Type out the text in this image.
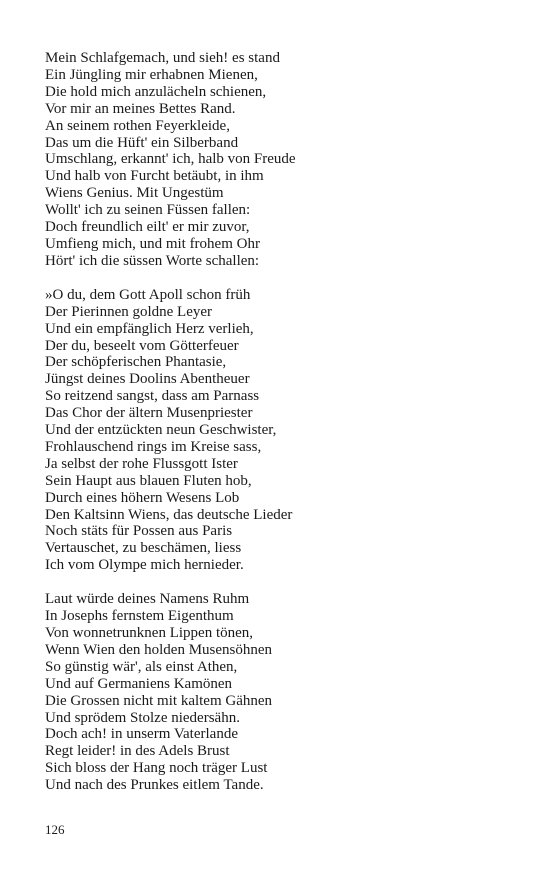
Mein Schlafgemach, und sieh! es stand
Ein Jüngling mir erhabnen Mienen,
Die hold mich anzulächeln schienen,
Vor mir an meines Bettes Rand.
An seinem rothen Feyerkleide,
Das um die Hüft' ein Silberband
Umschlang, erkannt' ich, halb von Freude
Und halb von Furcht betäubt, in ihm
Wiens Genius. Mit Ungestüm
Wollt' ich zu seinen Füssen fallen:
Doch freundlich eilt' er mir zuvor,
Umfieng mich, und mit frohem Ohr
Hört' ich die süssen Worte schallen:
»O du, dem Gott Apoll schon früh
Der Pierinnen goldne Leyer
Und ein empfänglich Herz verlieh,
Der du, beseelt vom Götterfeuer
Der schöpferischen Phantasie,
Jüngst deines Doolins Abentheuer
So reitzend sangst, dass am Parnass
Das Chor der ältern Musenpriester
Und der entzückten neun Geschwister,
Frohlauschend rings im Kreise sass,
Ja selbst der rohe Flussgott Ister
Sein Haupt aus blauen Fluten hob,
Durch eines höhern Wesens Lob
Den Kaltsinn Wiens, das deutsche Lieder
Noch stäts für Possen aus Paris
Vertauschet, zu beschämen, liess
Ich vom Olympe mich hernieder.
Laut würde deines Namens Ruhm
In Josephs fernstem Eigenthum
Von wonnetrunknen Lippen tönen,
Wenn Wien den holden Musensöhnen
So günstig wär', als einst Athen,
Und auf Germaniens Kamönen
Die Grossen nicht mit kaltem Gähnen
Und sprödem Stolze niedersähn.
Doch ach! in unserm Vaterlande
Regt leider! in des Adels Brust
Sich bloss der Hang noch träger Lust
Und nach des Prunkes eitlem Tande.
126
